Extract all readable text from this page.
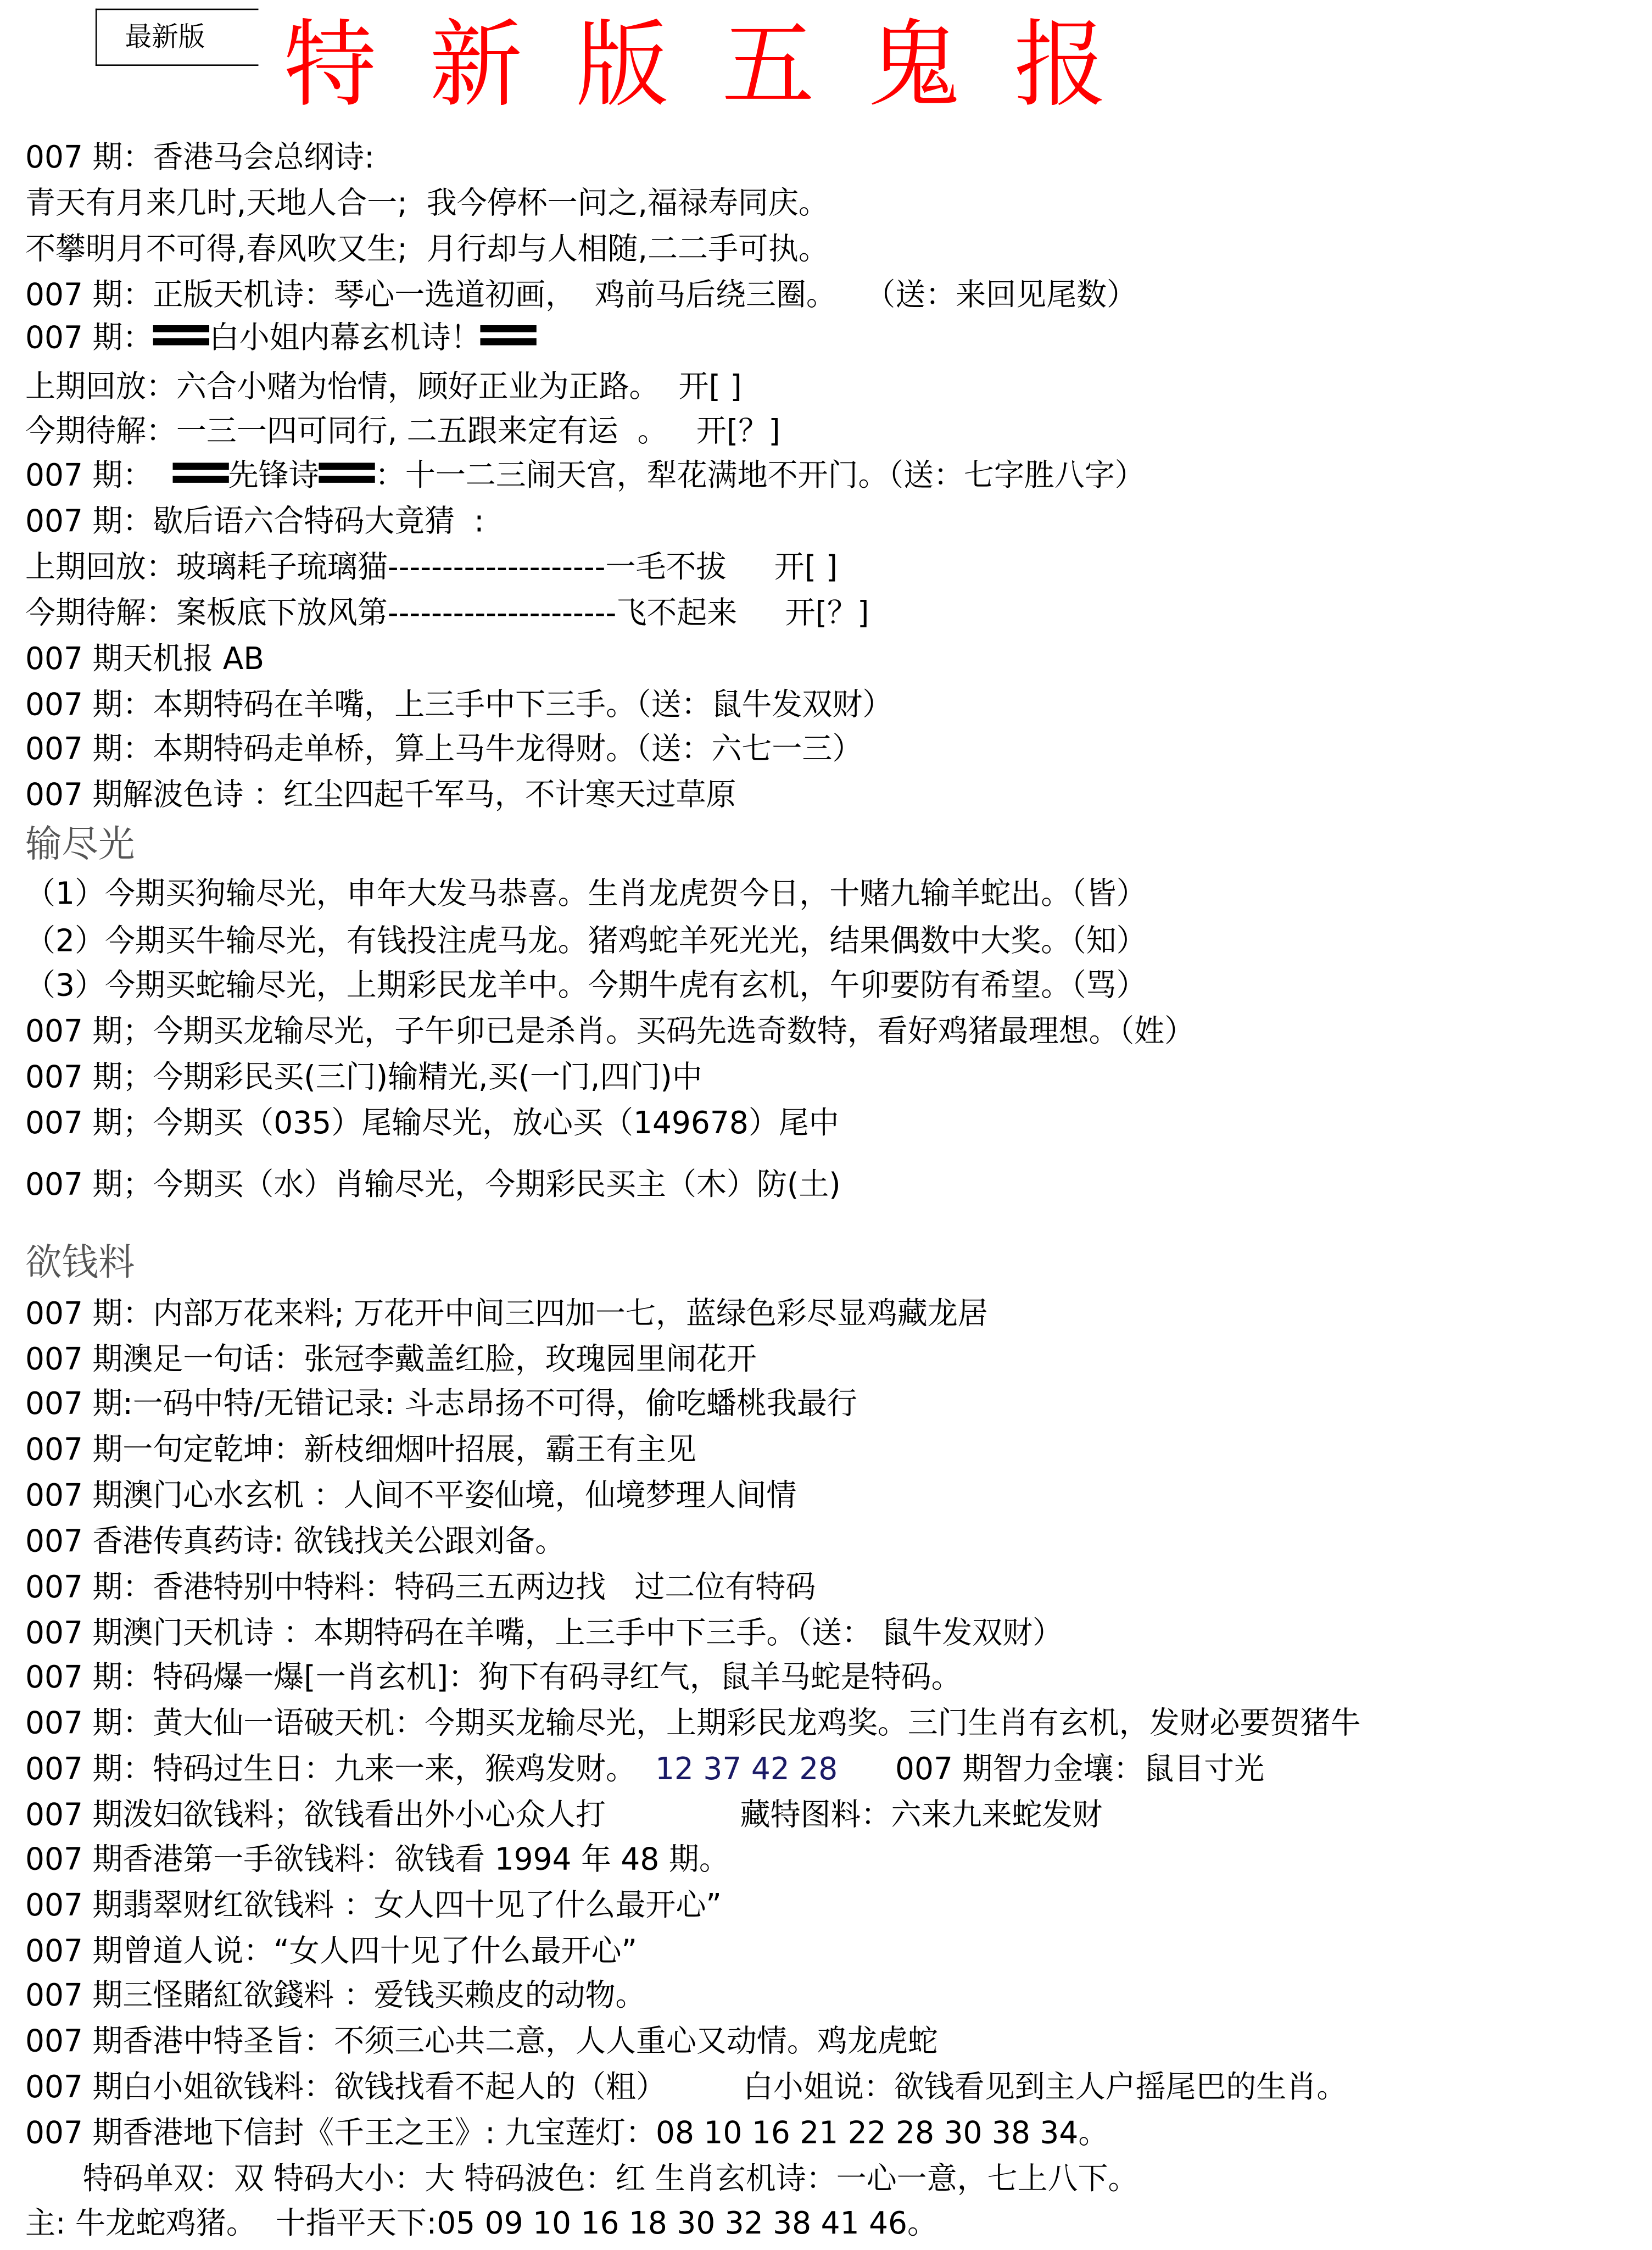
最新版	特新版五鬼报
007 期：香港马会总纲诗:
青天有月来几时,天地人合一;  我今停杯一问之,福禄寿同庆。
不攀明月不可得,春风吹又生;  月行却与人相随,二二手可执。
007 期：正版天机诗：琴心一选道初画，  鸡前马后绕三圈。   （送：来回见尾数）
007 期：	白小姐内幕玄机诗！
上期回放：六合小赌为怡情，顾好正业为正路。  开[ ]
今期待解：一三一四可同行, 二五跟来定有运  。   开[？]
007 期：	先锋诗	：十一二三闹天宫，犁花满地不开门。（送：七字胜八字）
007 期：歇后语六合特码大竟猜  :
上期回放：玻璃耗子琉璃猫--------------------一毛不拔     开[ ]
今期待解：案板底下放风第---------------------飞不起来     开[？]
007 期天机报 AB
007 期：本期特码在羊嘴，上三手中下三手。（送：鼠牛发双财）
007 期：本期特码走单桥，算上马牛龙得财。（送：六七一三）
007 期解波色诗 ：红尘四起千军马，不计寒天过草原
输尽光
（1）今期买狗输尽光，申年大发马恭喜。生肖龙虎贺今日，十赌九输羊蛇出。（皆）
（2）今期买牛输尽光，有钱投注虎马龙。猪鸡蛇羊死光光，结果偶数中大奖。（知）
（3）今期买蛇输尽光，上期彩民龙羊中。今期牛虎有玄机，午卯要防有希望。（骂）
007 期；今期买龙输尽光，子午卯已是杀肖。买码先选奇数特，看好鸡猪最理想。（姓）
007 期；今期彩民买(三门)输精光,买(一门,四门)中
007 期；今期买（035）尾输尽光，放心买（149678）尾中
007 期；今期买（水）肖输尽光，今期彩民买主（木）防(土)
欲钱料
007 期：内部万花来料; 万花开中间三四加一七，蓝绿色彩尽显鸡藏龙居
007 期澳足一句话：张冠李戴盖红脸，玫瑰园里闹花开
007 期:一码中特/无错记录: 斗志昂扬不可得，偷吃蟠桃我最行
007 期一句定乾坤：新枝细烟叶招展，霸王有主见
007 期澳门心水玄机 ：人间不平姿仙境，仙境梦理人间情
007 香港传真药诗: 欲钱找关公跟刘备。
007 期：香港特别中特料：特码三五两边找   过二位有特码
007 期澳门天机诗 ：本期特码在羊嘴，上三手中下三手。（送： 鼠牛发双财）
007 期：特码爆一爆[一肖玄机]：狗下有码寻红气，鼠羊马蛇是特码。
007 期：黄大仙一语破天机：今期买龙输尽光，上期彩民龙鸡奖。三门生肖有玄机，发财必要贺猪牛
007 期：特码过生日：九来一来，猴鸡发财。  12 37 42 28      007 期智力金壤：鼠目寸光
007 期泼妇欲钱料；欲钱看出外小心众人打              藏特图料：六来九来蛇发财
007 期香港第一手欲钱料：欲钱看 1994 年 48 期。
007 期翡翠财红欲钱料 ：女人四十见了什么最开心”
007 期曾道人说：“女人四十见了什么最开心”
007 期三怪賭紅欲錢料 ：爱钱买赖皮的动物。
007 期香港中特圣旨：不须三心共二意，人人重心又动情。鸡龙虎蛇
007 期白小姐欲钱料：欲钱找看不起人的（粗）        白小姐说：欲钱看见到主人户摇尾巴的生肖。
007 期香港地下信封《千王之王》: 九宝莲灯：08 10 16 21 22 28 30 38 34。
特码单双：双 特码大小：大 特码波色：红 生肖玄机诗：一心一意，七上八下。
主: 牛龙蛇鸡猪。  十指平天下:05 09 10 16 18 30 32 38 41 46。
